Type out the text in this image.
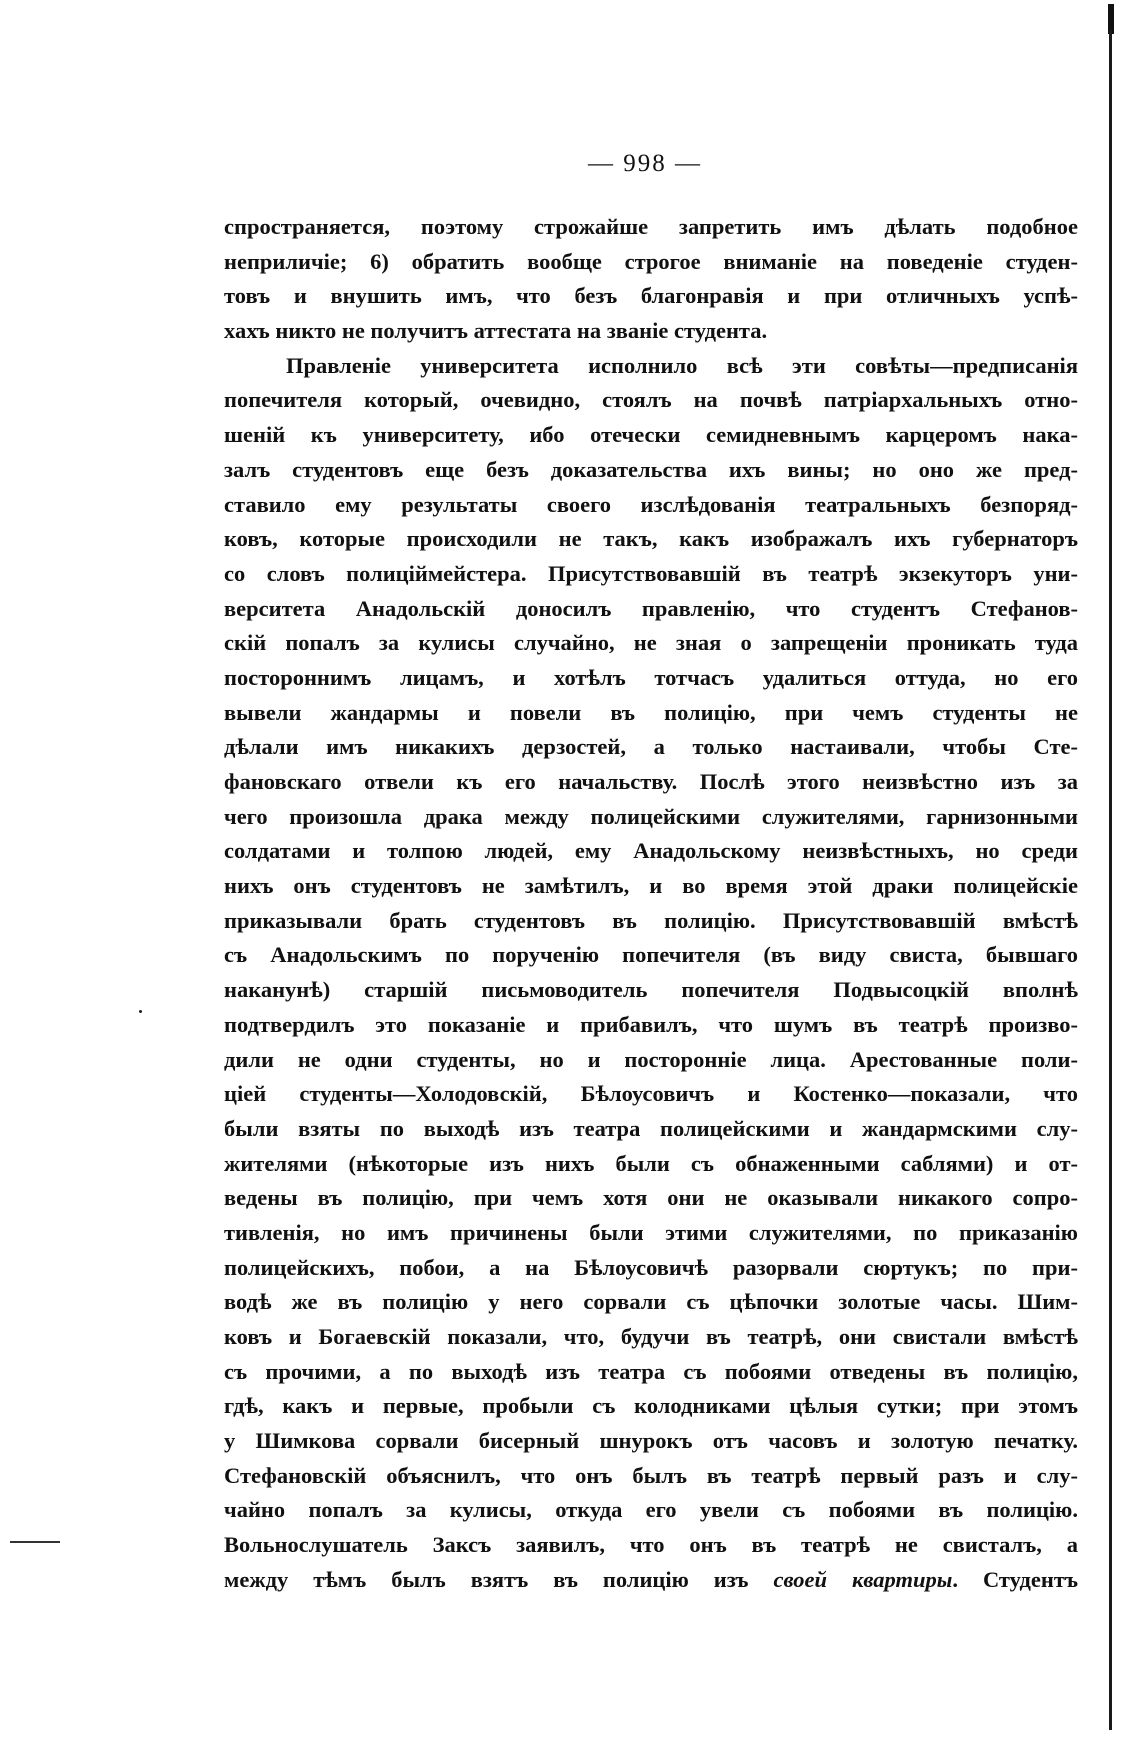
— 998 —
спространяется, поэтому строжайше запретить имъ дѣлать подобное
неприличіе; 6) обратить вообще строгое вниманіе на поведеніе студен-
товъ и внушить имъ, что безъ благонравія и при отличныхъ успѣ-
хахъ никто не получитъ аттестата на званіе студента.
Правленіе университета исполнило всѣ эти совѣты—предписанія
попечителя который, очевидно, стоялъ на почвѣ патріархальныхъ отно-
шеній къ университету, ибо отечески семидневнымъ карцеромъ нака-
залъ студентовъ еще безъ доказательства ихъ вины; но оно же пред-
ставило ему результаты своего изслѣдованія театральныхъ безпоряд-
ковъ, которые происходили не такъ, какъ изображалъ ихъ губернаторъ
со словъ полиціймейстера. Присутствовавшій въ театрѣ экзекуторъ уни-
верситета Анадольскій доносилъ правленію, что студентъ Стефанов-
скій попалъ за кулисы случайно, не зная о запрещеніи проникать туда
постороннимъ лицамъ, и хотѣлъ тотчасъ удалиться оттуда, но его
вывели жандармы и повели въ полицію, при чемъ студенты не
дѣлали имъ никакихъ дерзостей, а только настаивали, чтобы Сте-
фановскаго отвели къ его начальству. Послѣ этого неизвѣстно изъ за
чего произошла драка между полицейскими служителями, гарнизонными
солдатами и толпою людей, ему Анадольскому неизвѣстныхъ, но среди
нихъ онъ студентовъ не замѣтилъ, и во время этой драки полицейскіе
приказывали брать студентовъ въ полицію. Присутствовавшій вмѣстѣ
съ Анадольскимъ по порученію попечителя (въ виду свиста, бывшаго
наканунѣ) старшій письмоводитель попечителя Подвысоцкій вполнѣ
подтвердилъ это показаніе и прибавилъ, что шумъ въ театрѣ произво-
дили не одни студенты, но и посторонніе лица. Арестованные поли-
ціей студенты—Холодовскій, Бѣлоусовичъ и Костенко—показали, что
были взяты по выходѣ изъ театра полицейскими и жандармскими слу-
жителями (нѣкоторые изъ нихъ были съ обнаженными саблями) и от-
ведены въ полицію, при чемъ хотя они не оказывали никакого сопро-
тивленія, но имъ причинены были этими служителями, по приказанію
полицейскихъ, побои, а на Бѣлоусовичѣ разорвали сюртукъ; по при-
водѣ же въ полицію у него сорвали съ цѣпочки золотые часы. Шим-
ковъ и Богаевскій показали, что, будучи въ театрѣ, они свистали вмѣстѣ
съ прочими, а по выходѣ изъ театра съ побоями отведены въ полицію,
гдѣ, какъ и первые, пробыли съ колодниками цѣлыя сутки; при этомъ
у Шимкова сорвали бисерный шнурокъ отъ часовъ и золотую печатку.
Стефановскій объяснилъ, что онъ былъ въ театрѣ первый разъ и слу-
чайно попалъ за кулисы, откуда его увели съ побоями въ полицію.
Вольнослушатель Заксъ заявилъ, что онъ въ театрѣ не свисталъ, а
между тѣмъ былъ взятъ въ полицію изъ своей квартиры. Студентъ
